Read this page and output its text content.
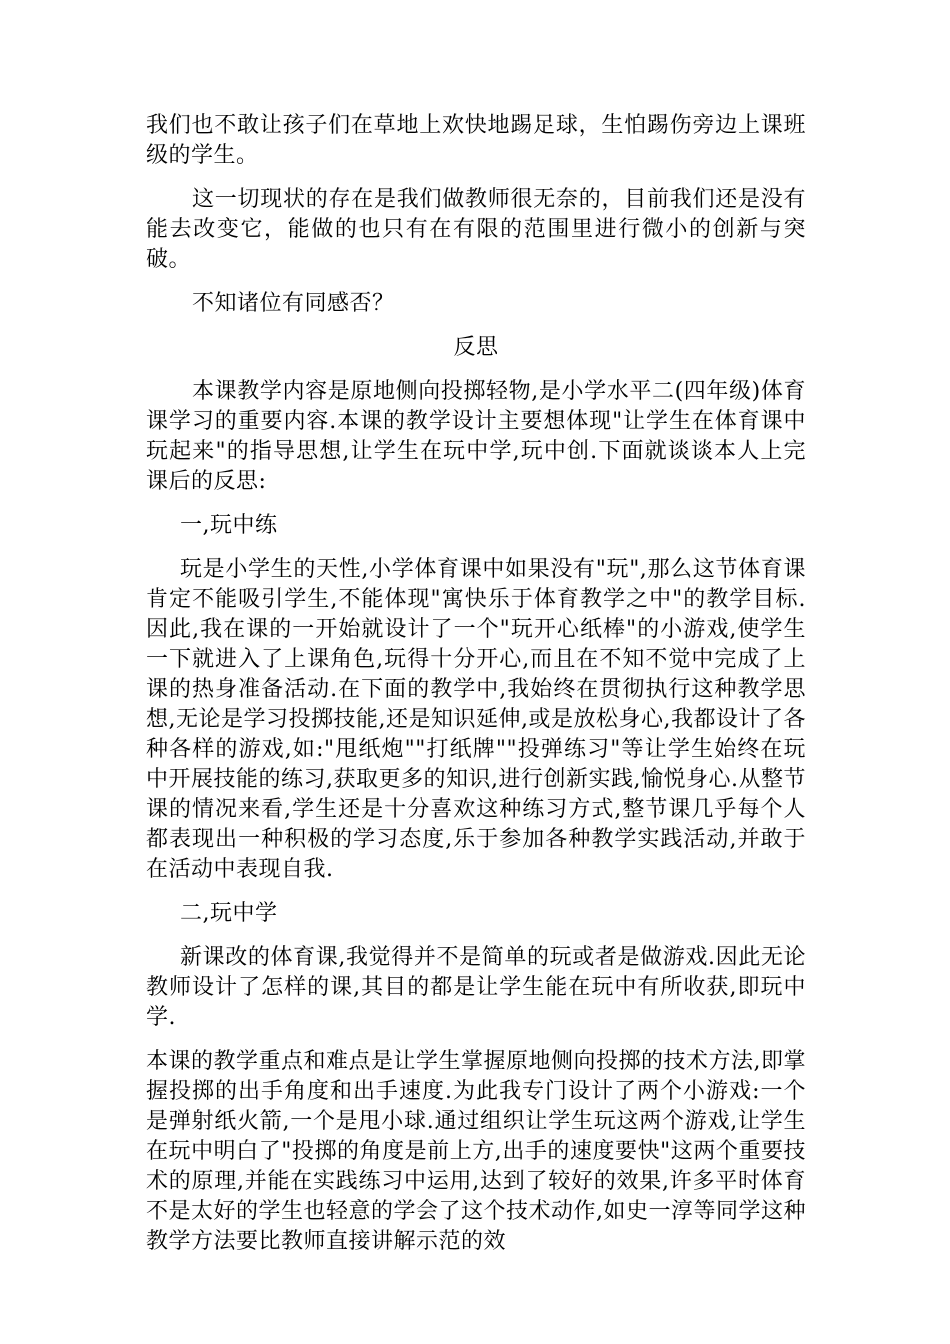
我们也不敢让孩子们在草地上欢快地踢足球，生怕踢伤旁边上课班级的学生。

这一切现状的存在是我们做教师很无奈的，目前我们还是没有能去改变它，能做的也只有在有限的范围里进行微小的创新与突破。

不知诸位有同感否？

反思

本课教学内容是原地侧向投掷轻物,是小学水平二(四年级)体育课学习的重要内容.本课的教学设计主要想体现"让学生在体育课中玩起来"的指导思想,让学生在玩中学,玩中创.下面就谈谈本人上完课后的反思:

一,玩中练

玩是小学生的天性,小学体育课中如果没有"玩",那么这节体育课肯定不能吸引学生,不能体现"寓快乐于体育教学之中"的教学目标.因此,我在课的一开始就设计了一个"玩开心纸棒"的小游戏,使学生一下就进入了上课角色,玩得十分开心,而且在不知不觉中完成了上课的热身准备活动.在下面的教学中,我始终在贯彻执行这种教学思想,无论是学习投掷技能,还是知识延伸,或是放松身心,我都设计了各种各样的游戏,如:"甩纸炮""打纸牌""投弹练习"等让学生始终在玩中开展技能的练习,获取更多的知识,进行创新实践,愉悦身心.从整节课的情况来看,学生还是十分喜欢这种练习方式,整节课几乎每个人都表现出一种积极的学习态度,乐于参加各种教学实践活动,并敢于在活动中表现自我.

二,玩中学

新课改的体育课,我觉得并不是简单的玩或者是做游戏.因此无论教师设计了怎样的课,其目的都是让学生能在玩中有所收获,即玩中学.

本课的教学重点和难点是让学生掌握原地侧向投掷的技术方法,即掌握投掷的出手角度和出手速度.为此我专门设计了两个小游戏:一个是弹射纸火箭,一个是甩小球.通过组织让学生玩这两个游戏,让学生在玩中明白了"投掷的角度是前上方,出手的速度要快"这两个重要技术的原理,并能在实践练习中运用,达到了较好的效果,许多平时体育不是太好的学生也轻意的学会了这个技术动作,如史一淳等同学这种教学方法要比教师直接讲解示范的效
